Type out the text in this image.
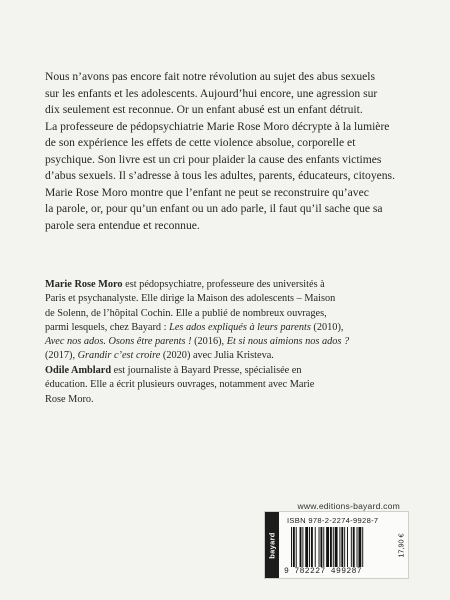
Nous n’avons pas encore fait notre révolution au sujet des abus sexuels

sur les enfants et les adolescents. Aujourd’hui encore, une agression sur

dix seulement est reconnue. Or un enfant abusé est un enfant détruit.

La professeure de pédopsychiatrie Marie Rose Moro décrypte à la lumière

de son expérience les effets de cette violence absolue, corporelle et

psychique. Son livre est un cri pour plaider la cause des enfants victimes

d’abus sexuels. Il s’adresse à tous les adultes, parents, éducateurs, citoyens.

Marie Rose Moro montre que l’enfant ne peut se reconstruire qu’avec

la parole, or, pour qu’un enfant ou un ado parle, il faut qu’il sache que sa

parole sera entendue et reconnue.

Marie Rose Moro est pédopsychiatre, professeure des universités à

Paris et psychanalyste. Elle dirige la Maison des adolescents – Maison

de Solenn, de l’hôpital Cochin. Elle a publié de nombreux ouvrages,

parmi lesquels, chez Bayard : Les ados expliqués à leurs parents (2010),

Avec nos ados. Osons être parents ! (2016), Et si nous aimions nos ados ?

(2017), Grandir c’est croire (2020) avec Julia Kristeva.

Odile Amblard est journaliste à Bayard Presse, spécialisée en

éducation. Elle a écrit plusieurs ouvrages, notamment avec Marie

Rose Moro.

www.editions-bayard.com
bayard
ISBN 978-2-2274-9928-7
9 782227 499287
17,90 €
